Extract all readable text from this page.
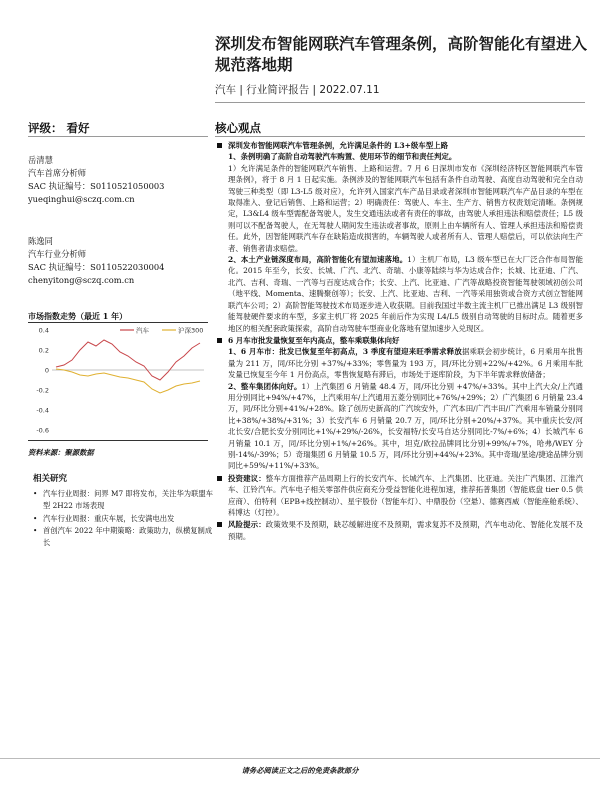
深圳发布智能网联汽车管理条例，高阶智能化有望进入规范落地期
汽车 | 行业简评报告 | 2022.07.11
评级： 看好	核心观点
岳清慧
汽车首席分析师
SAC 执证编号：S0110521050003
yueqinghui@sczq.com.cn
陈逸同
汽车行业分析师
SAC 执证编号：S0110522030004
chenyitong@sczq.com.cn
市场指数走势（最近 1 年）
0.4
0.2
0
-0.2
-0.4
-0.6
汽车	沪深300
资料来源：聚源数据
相关研究
• 汽车行业周报：问界 M7 即将发布，关注华为联盟车型 2H22 市场表现
• 汽车行业周报：重庆车展，长安满电出发
• 首创汽车 2022 年中期策略：政策助力，纵横复制成长
深圳发布智能网联汽车管理条例，允许满足条件的 L3+级车型上路
1、条例明确了高阶自动驾驶汽车购置、使用环节的细节和责任判定。
1）允许满足条件的智能网联汽车销售、上路和运营。7 月 6 日深圳市发布《深圳经济特区智能网联汽车管理条例》，将于 8 月 1 日起实施。条例涉及的智能网联汽车包括有条件自动驾驶、高度自动驾驶和完全自动驾驶三种类型（即 L3-L5 级对应），允许列入国家汽车产品目录或者深圳市智能网联汽车产品目录的车型在取得准入、登记后销售、上路和运营；2）明确责任：驾驶人、车主、生产方、销售方权责划定清晰。条例规定，L3&L4 级车型需配备驾驶人，发生交通违法或者有责任的事故，由驾驶人承担违法和赔偿责任；L5 级则可以不配备驾驶人，在无驾驶人期间发生违法或者事故，原则上由车辆所有人、管理人承担违法和赔偿责任。此外，因智能网联汽车存在缺陷造成损害的，车辆驾驶人或者所有人、管理人赔偿后，可以依法向生产者、销售者请求赔偿。
2、本土产业链深度布局，高阶智能化有望加速落地。1）主机厂布局，L3 级车型已在大厂泛合作布局智能化。2015 年至今，长安、长城、广汽、北汽、奇瑞、小康等陆续与华为达成合作；长城、比亚迪、广汽、北汽、吉利、奇瑞、一汽等与百度达成合作；长安、上汽、比亚迪、广汽等战略投资智能驾驶领域初创公司（地平线、Momenta、速腾聚创等）；长安、上汽、比亚迪、吉利、一汽等采用独资或合资方式创立智能网联汽车公司；2）高阶智能驾驶技术布局逐步进入收获期。目前我国过半数主流主机厂已推出满足 L3 级别智能驾驶硬件要求的车型，多家主机厂将 2025 年前后作为实现 L4/L5 级别自动驾驶的目标时点。随着更多地区的相关配套政策探索，高阶自动驾驶车型商业化落地有望加速步入兑现区。
6 月车市批发量恢复至年内高点，整车乘联集体向好
1、6 月车市：批发已恢复至年初高点，3 季度有望迎来旺季需求释放据乘联会初步统计，6 月乘用车批售量为 211 万，同/环比分别 +37%/+33%；零售量为 193 万，同/环比分别+22%/+42%。6 月乘用车批发量已恢复至今年 1 月份高点，零售恢复略有滞后，市场处于逐库阶段，为下半年需求释放储备；
2、整车集团体向好。1）上汽集团 6 月销量 48.4 万，同/环比分别 +47%/+33%。其中上汽大众/上汽通用分别同比+94%/+47%，上汽乘用车/上汽通用五菱分别同比+76%/+29%；2）广汽集团 6 月销量 23.4 万，同/环比分别+41%/+28%。除了创历史新高的广汽埃安外，广汽本田/广汽丰田/广汽乘用车销量分别同比+38%/+38%/+31%；3）长安汽车 6 月销量 20.7 万，同/环比分别+20%/+37%。其中重庆长安/河北长安/合肥长安分别同比+1%/+29%/-26%，长安福特/长安马自达分别同比-7%/+6%；4）长城汽车 6 月销量 10.1 万，同/环比分别+1%/+26%。其中，坦克/欧拉品牌同比分别+99%/+7%，哈弗/WEY 分别-14%/-39%；5）奇瑞集团 6 月销量 10.5 万，同/环比分别+44%/+23%。其中奇瑞/星途/捷途品牌分别同比+59%/+11%/+33%。
投资建议：整车方面推荐产品周期上行的长安汽车、长城汽车、上汽集团、比亚迪。关注广汽集团、江淮汽车、江铃汽车。汽车电子相关零部件供应商充分受益智能化进程加速，推荐拓普集团（智能底盘 tier 0.5 供应商）、伯特利（EPB+线控制动）、星宇股份（智能车灯）、中鼎股份（空悬）、德赛西威（智能座舱系统）、科博达（灯控）。
风险提示：政策效果不及预期，缺芯缓解进度不及预期，需求复苏不及预期，汽车电动化、智能化发展不及预期。
请务必阅读正文之后的免责条款部分
